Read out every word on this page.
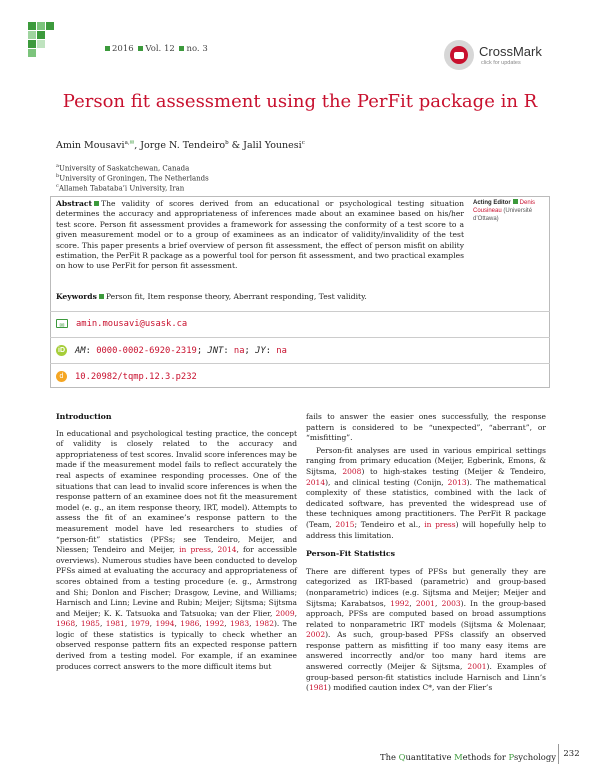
2016 Vol. 12 no. 3	CrossMark
click for updates
Person fit assessment using the PerFit package in R
Amin Mousavi$^{a,✉}$, Jorge N. Tendeiro$^b$ & Jalil Younesi$^c$
$^a$University of Saskatchewan, Canada
$^b$University of Groningen, The Netherlands
$^c$Allameh Tabataba’i University, Iran
Abstract The validity of scores derived from an educational or psychological testing situation determines the accuracy and appropriateness of inferences made about an examinee based on his/her test score. Person fit assessment provides a framework for assessing the conformity of a test score to a given measurement model or to a group of examinees as an indicator of validity/invalidity of the test score. This paper presents a brief overview of person fit assessment, the effect of person misfit on ability estimation, the PerFit R package as a powerful tool for person fit assessment, and two practical examples on how to use PerFit for person fit assessment.
Acting Editor Denis Cousineau (Université d’Ottawa)
Keywords Person fit, Item response theory, Aberrant responding, Test validity.
✉ amin.mousavi@usask.ca
iD AM: 0000-0002-6920-2319; JNT: na; JY: na
d 10.20982/tqmp.12.3.p232
Introduction

In educational and psychological testing practice, the concept of validity is closely related to the accuracy and appropriateness of test scores. Invalid score inferences may be made if the measurement model fails to reflect accurately the real aspects of examinee responding processes. One of the situations that can lead to invalid score inferences is when the response pattern of an examinee does not fit the measurement model (e. g., an item response theory, IRT, model). Attempts to assess the fit of an examinee’s response pattern to the measurement model have led researchers to studies of “person-fit” statistics (PFSs; see Tendeiro, Meijer, and Niessen; Tendeiro and Meijer, in press, 2014, for accessible overviews). Numerous studies have been conducted to develop PFSs aimed at evaluating the accuracy and appropriateness of scores obtained from a testing procedure (e. g., Armstrong and Shi; Donlon and Fischer; Drasgow, Levine, and Williams; Harnisch and Linn; Levine and Rubin; Meijer; Sijtsma; Sijtsma and Meijer; K. K. Tatsuoka and Tatsuoka; van der Flier, 2009, 1968, 1985, 1981, 1979, 1994, 1986, 1992, 1983, 1982). The logic of these statistics is typically to check whether an observed response pattern fits an expected response pattern derived from a testing model. For example, if an examinee produces correct answers to the more difficult items but

fails to answer the easier ones successfully, the response pattern is considered to be “unexpected”, “aberrant”, or “misfitting”.

Person-fit analyses are used in various empirical settings ranging from primary education (Meijer, Egberink, Emons, & Sijtsma, 2008) to high-stakes testing (Meijer & Tendeiro, 2014), and clinical testing (Conijn, 2013). The mathematical complexity of these statistics, combined with the lack of dedicated software, has prevented the widespread use of these techniques among practitioners. The PerFit R package (Team, 2015; Tendeiro et al., in press) will hopefully help to address this limitation.

Person-Fit Statistics

There are different types of PFSs but generally they are categorized as IRT-based (parametric) and group-based (nonparametric) indices (e.g. Sijtsma and Meijer; Meijer and Sijtsma; Karabatsos, 1992, 2001, 2003). In the group-based approach, PFSs are computed based on broad assumptions related to nonparametric IRT models (Sijtsma & Molenaar, 2002). As such, group-based PFSs classify an observed response pattern as misfitting if too many easy items are answered incorrectly and/or too many hard items are answered correctly (Meijer & Sijtsma, 2001). Examples of group-based person-fit statistics include Harnisch and Linn’s (1981) modified caution index C*, van der Flier’s

The Quantitative Methods for Psychology 232
